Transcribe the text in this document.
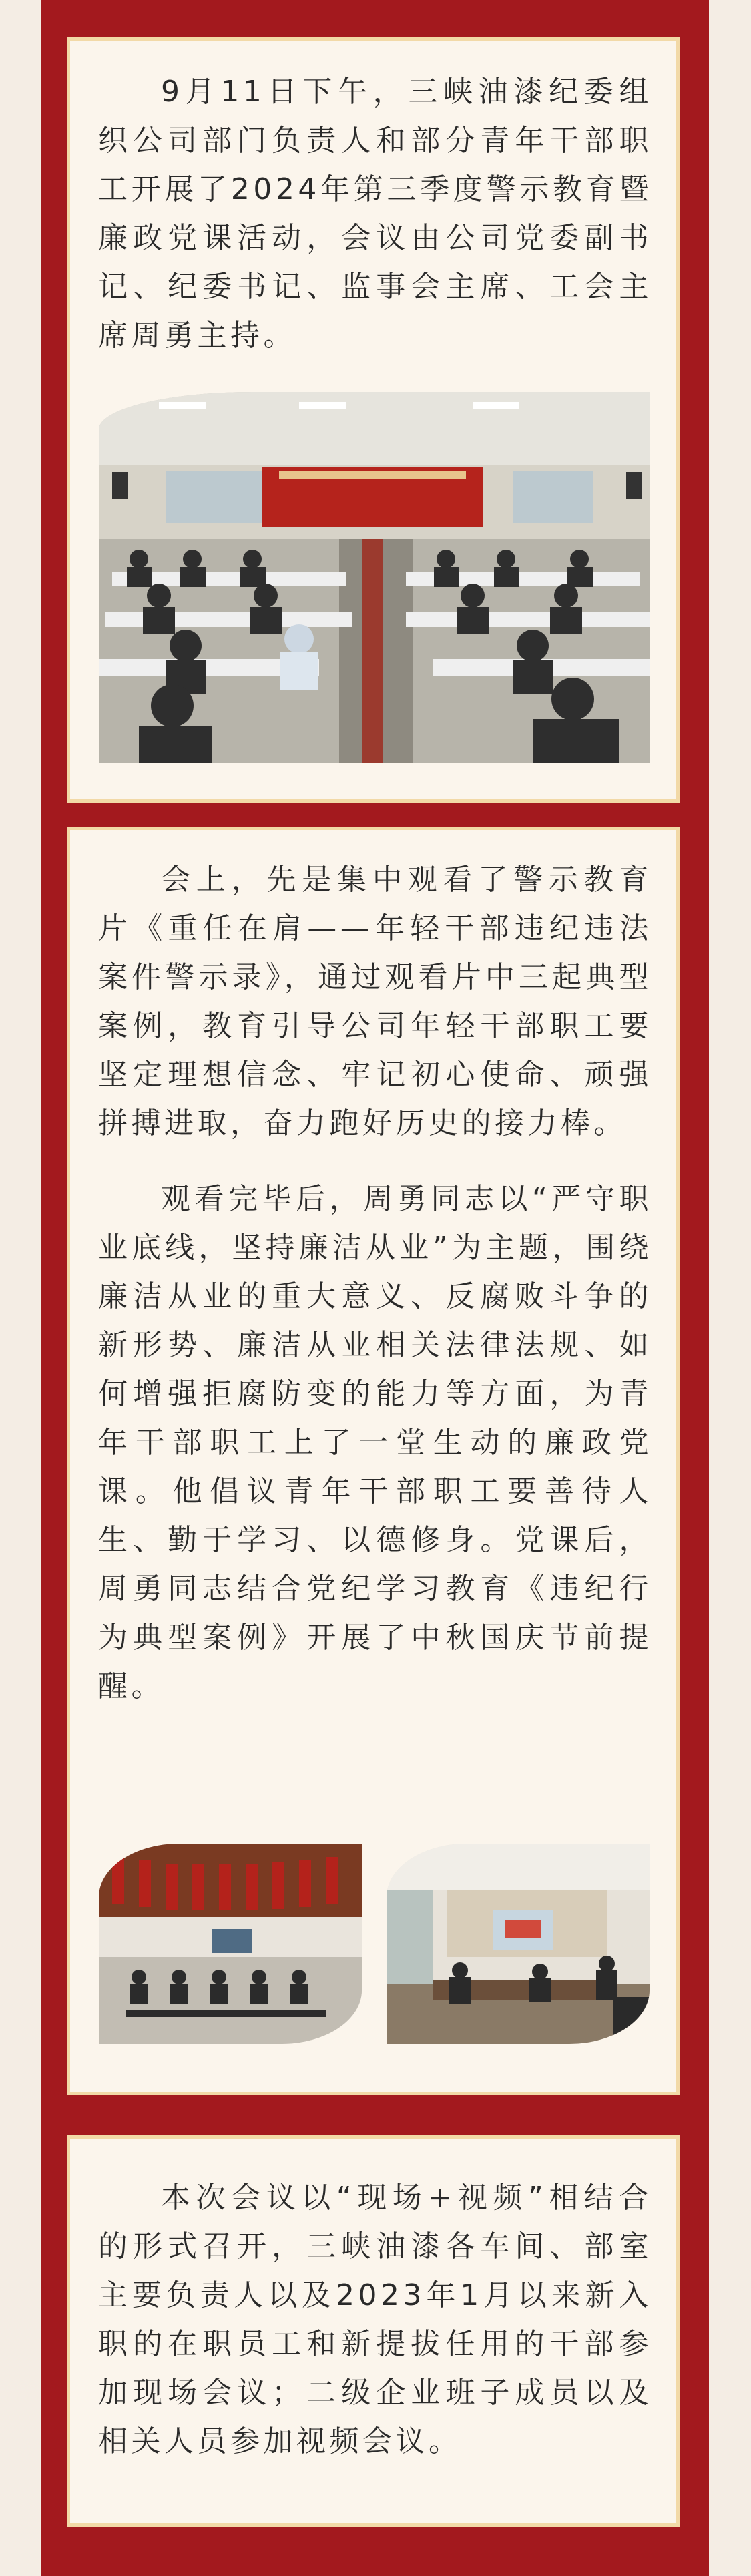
9月11日下午，三峡油漆纪委组织公司部门负责人和部分青年干部职工开展了2024年第三季度警示教育暨廉政党课活动，会议由公司党委副书记、纪委书记、监事会主席、工会主席周勇主持。

会上，先是集中观看了警示教育片《重任在肩——年轻干部违纪违法案件警示录》，通过观看片中三起典型案例，教育引导公司年轻干部职工要坚定理想信念、牢记初心使命、顽强拼搏进取，奋力跑好历史的接力棒。

观看完毕后，周勇同志以“严守职业底线，坚持廉洁从业”为主题，围绕廉洁从业的重大意义、反腐败斗争的新形势、廉洁从业相关法律法规、如何增强拒腐防变的能力等方面，为青年干部职工上了一堂生动的廉政党课。他倡议青年干部职工要善待人生、勤于学习、以德修身。党课后，周勇同志结合党纪学习教育《违纪行为典型案例》开展了中秋国庆节前提醒。

本次会议以“现场+视频”相结合的形式召开，三峡油漆各车间、部室主要负责人以及2023年1月以来新入职的在职员工和新提拔任用的干部参加现场会议；二级企业班子成员以及相关人员参加视频会议。
